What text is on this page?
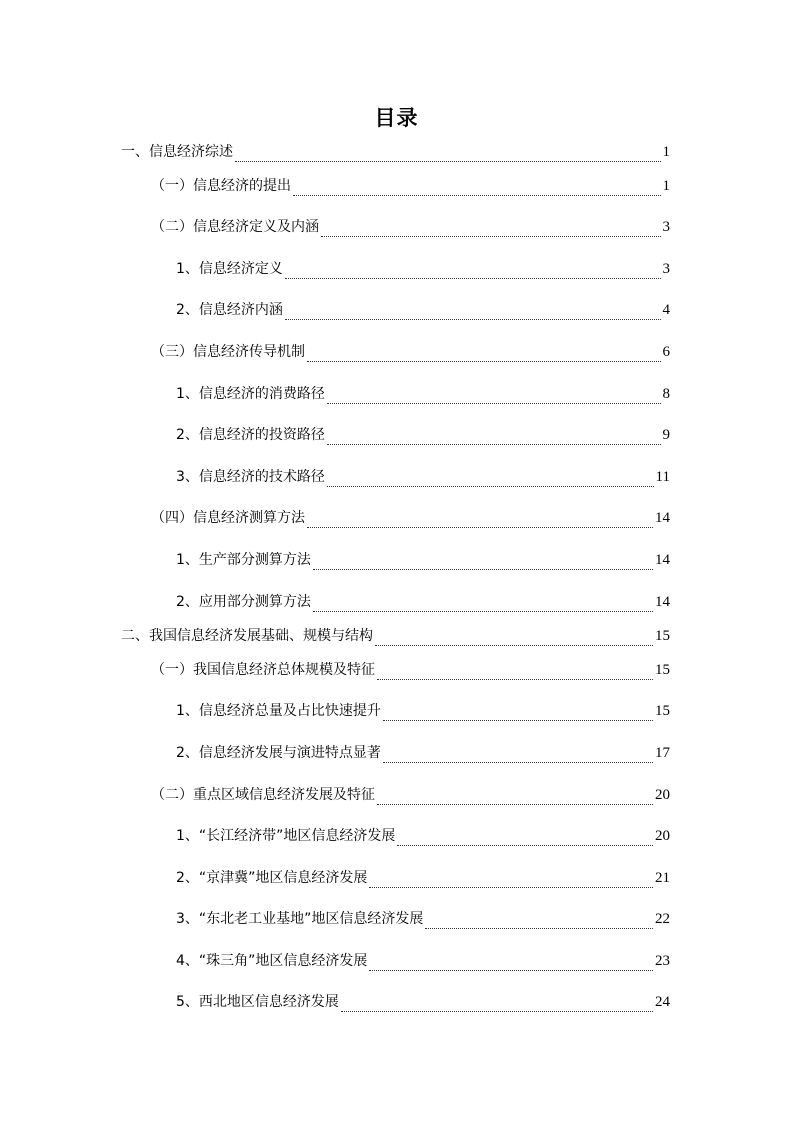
目录
一、信息经济综述	1
（一）信息经济的提出	1
（二）信息经济定义及内涵	3
1、信息经济定义	3
2、信息经济内涵	4
（三）信息经济传导机制	6
1、信息经济的消费路径	8
2、信息经济的投资路径	9
3、信息经济的技术路径	11
（四）信息经济测算方法	14
1、生产部分测算方法	14
2、应用部分测算方法	14
二、我国信息经济发展基础、规模与结构	15
（一）我国信息经济总体规模及特征	15
1、信息经济总量及占比快速提升	15
2、信息经济发展与演进特点显著	17
（二）重点区域信息经济发展及特征	20
1、“长江经济带”地区信息经济发展	20
2、“京津冀”地区信息经济发展	21
3、“东北老工业基地”地区信息经济发展	22
4、“珠三角”地区信息经济发展	23
5、西北地区信息经济发展	24
